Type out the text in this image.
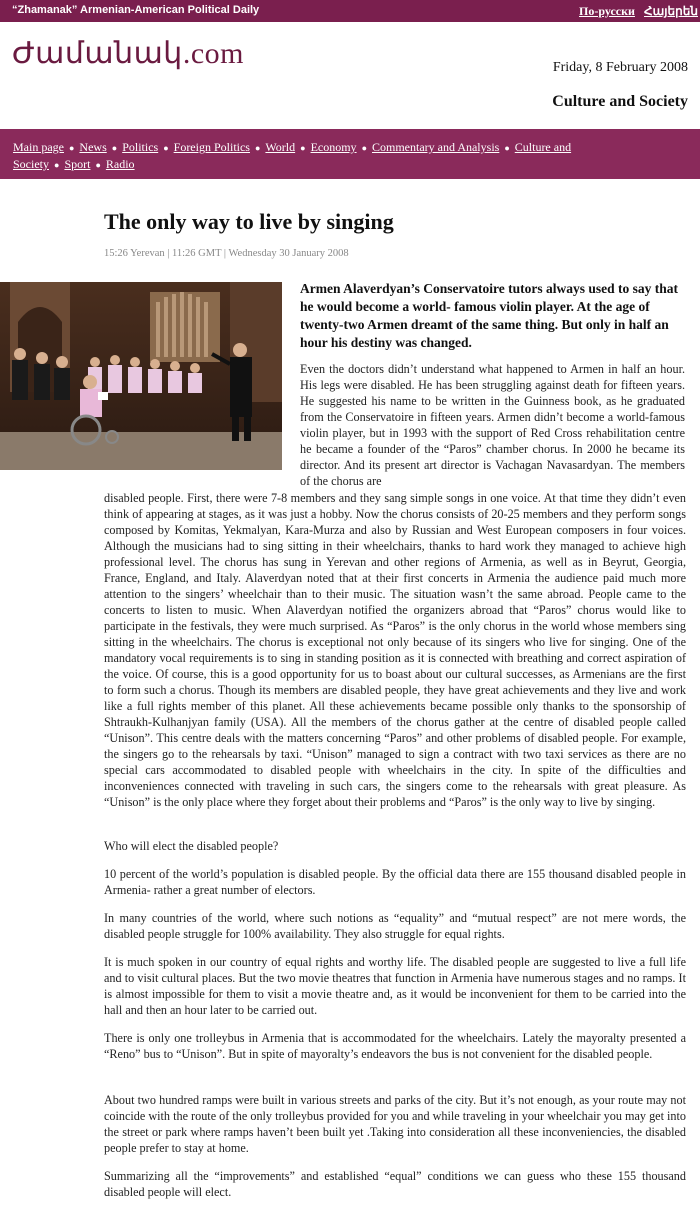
“Zhamanak” Armenian-American Political Daily	По-русски Հայերեն
Ժամանակ.com	Friday, 8 February 2008
Culture and Society
Main page ● News ● Politics ● Foreign Politics ● World ● Economy ● Commentary and Analysis ● Culture and Society ● Sport ● Radio
The only way to live by singing
15:26 Yerevan | 11:26 GMT | Wednesday 30 January 2008
Armen Alaverdyan’s Conservatoire tutors always used to say that he would become a world- famous violin player. At the age of twenty-two Armen dreamt of the same thing. But only in half an hour his destiny was changed.
Even the doctors didn’t understand what happened to Armen in half an hour. His legs were disabled. He has been struggling against death for fifteen years. He suggested his name to be written in the Guinness book, as he graduated from the Conservatoire in fifteen years. Armen didn’t become a world-famous violin player, but in 1993 with the support of Red Cross rehabilitation centre he became a founder of the “Paros” chamber chorus. In 2000 he became its director. And its present art director is Vachagan Navasardyan. The members of the chorus are
disabled people. First, there were 7-8 members and they sang simple songs in one voice. At that time they didn’t even think of appearing at stages, as it was just a hobby. Now the chorus consists of 20-25 members and they perform songs composed by Komitas, Yekmalyan, Kara-Murza and also by Russian and West European composers in four voices. Although the musicians had to sing sitting in their wheelchairs, thanks to hard work they managed to achieve high professional level. The chorus has sung in Yerevan and other regions of Armenia, as well as in Beyrut, Georgia, France, England, and Italy. Alaverdyan noted that at their first concerts in Armenia the audience paid much more attention to the singers’ wheelchair than to their music. The situation wasn’t the same abroad. People came to the concerts to listen to music. When Alaverdyan notified the organizers abroad that “Paros” chorus would like to participate in the festivals, they were much surprised. As “Paros” is the only chorus in the world whose members sing sitting in the wheelchairs. The chorus is exceptional not only because of its singers who live for singing. One of the mandatory vocal requirements is to sing in standing position as it is connected with breathing and correct aspiration of the voice. Of course, this is a good opportunity for us to boast about our cultural successes, as Armenians are the first to form such a chorus. Though its members are disabled people, they have great achievements and they live and work like a full rights member of this planet. All these achievements became possible only thanks to the sponsorship of Shtraukh-Kulhanjyan family (USA). All the members of the chorus gather at the centre of disabled people called “Unison”. This centre deals with the matters concerning “Paros” and other problems of disabled people. For example, the singers go to the rehearsals by taxi. “Unison” managed to sign a contract with two taxi services as there are no special cars accommodated to disabled people with wheelchairs in the city. In spite of the difficulties and inconveniences connected with traveling in such cars, the singers come to the rehearsals with great pleasure. As “Unison” is the only place where they forget about their problems and “Paros” is the only way to live by singing.
Who will elect the disabled people?
10 percent of the world’s population is disabled people. By the official data there are 155 thousand disabled people in Armenia- rather a great number of electors.
In many countries of the world, where such notions as “equality” and “mutual respect” are not mere words, the disabled people struggle for 100% availability. They also struggle for equal rights.
It is much spoken in our country of equal rights and worthy life. The disabled people are suggested to live a full life and to visit cultural places. But the two movie theatres that function in Armenia have numerous stages and no ramps. It is almost impossible for them to visit a movie theatre and, as it would be inconvenient for them to be carried into the hall and then an hour later to be carried out.
There is only one trolleybus in Armenia that is accommodated for the wheelchairs. Lately the mayoralty presented a “Reno” bus to “Unison”. But in spite of mayoralty’s endeavors the bus is not convenient for the disabled people.
About two hundred ramps were built in various streets and parks of the city. But it’s not enough, as your route may not coincide with the route of the only trolleybus provided for you and while traveling in your wheelchair you may get into the street or park where ramps haven’t been built yet .Taking into consideration all these inconveniencies, the disabled people prefer to stay at home.
Summarizing all the “improvements” and established “equal” conditions we can guess who these 155 thousand disabled people will elect.
